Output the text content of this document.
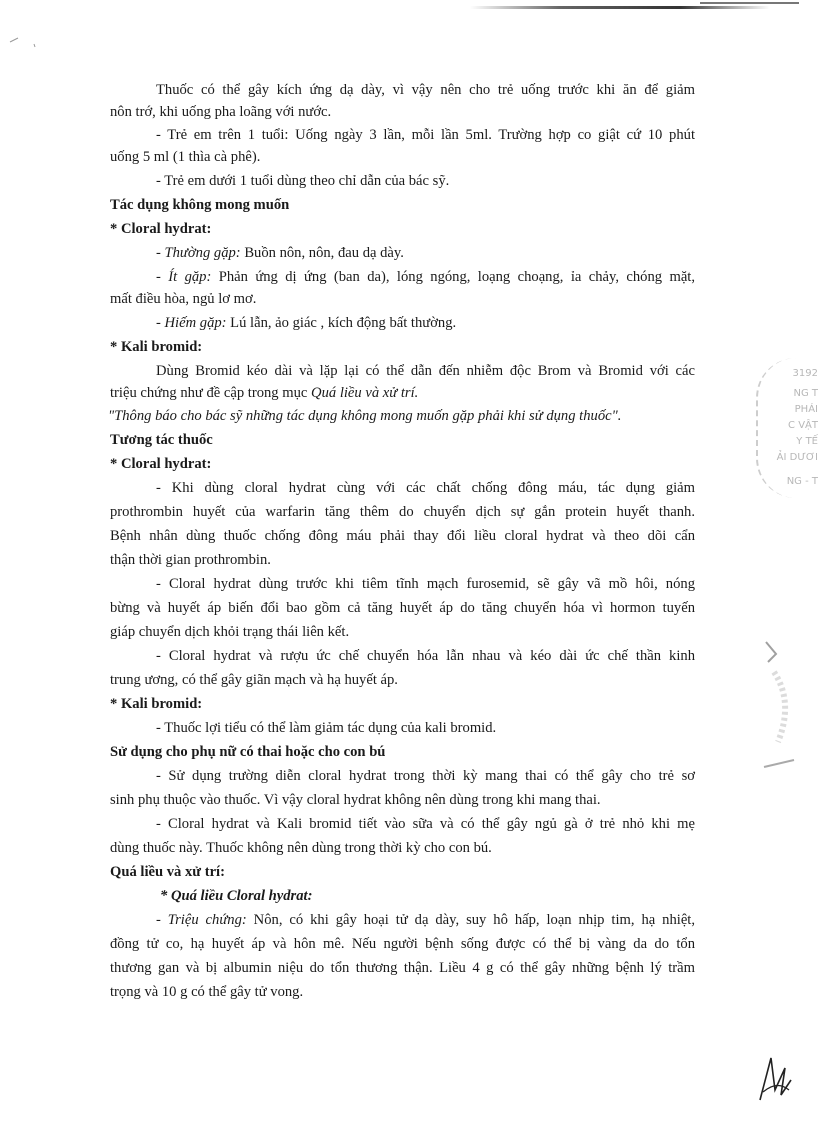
Thuốc có thể gây kích ứng dạ dày, vì vậy nên cho trẻ uống trước khi ăn để giảm
nôn trớ, khi uống pha loãng với nước.
- Trẻ em trên 1 tuổi: Uống ngày 3 lần, mỗi lần 5ml. Trường hợp co giật cứ 10 phút
uống 5 ml (1 thìa cà phê).
- Trẻ em dưới 1 tuổi dùng theo chỉ dẫn của bác sỹ.
Tác dụng không mong muốn
* Cloral hydrat:
- Thường gặp: Buồn nôn, nôn, đau dạ dày.
- Ít gặp: Phản ứng dị ứng (ban da), lóng ngóng, loạng choạng, ỉa chảy, chóng mặt,
mất điều hòa, ngủ lơ mơ.
- Hiếm gặp: Lú lẫn, ảo giác , kích động bất thường.
* Kali bromid:
Dùng Bromid kéo dài và lặp lại có thể dẫn đến nhiễm độc Brom và Bromid với các
triệu chứng như đề cập trong mục Quá liều và xử trí.
"Thông báo cho bác sỹ những tác dụng không mong muốn gặp phải khi sử dụng thuốc".
Tương tác thuốc
* Cloral hydrat:
- Khi dùng cloral hydrat cùng với các chất chống đông máu, tác dụng giảm
prothrombin huyết của warfarin tăng thêm do chuyển dịch sự gắn protein huyết thanh.
Bệnh nhân dùng thuốc chống đông máu phải thay đổi liều cloral hydrat và theo dõi cẩn
thận thời gian prothrombin.
- Cloral hydrat dùng trước khi tiêm tĩnh mạch furosemid, sẽ gây vã mồ hôi, nóng
bừng và huyết áp biến đổi bao gồm cả tăng huyết áp do tăng chuyển hóa vì hormon tuyến
giáp chuyển dịch khỏi trạng thái liên kết.
- Cloral hydrat và rượu ức chế chuyển hóa lẫn nhau và kéo dài ức chế thần kinh
trung ương, có thể gây giãn mạch và hạ huyết áp.
* Kali bromid:
- Thuốc lợi tiểu có thể làm giảm tác dụng của kali bromid.
Sử dụng cho phụ nữ có thai hoặc cho con bú
- Sử dụng trường diễn cloral hydrat trong thời kỳ mang thai có thể gây cho trẻ sơ
sinh phụ thuộc vào thuốc. Vì vậy cloral hydrat không nên dùng trong khi mang thai.
- Cloral hydrat và Kali bromid tiết vào sữa và có thể gây ngủ gà ở trẻ nhỏ khi mẹ
dùng thuốc này. Thuốc không nên dùng trong thời kỳ cho con bú.
Quá liều và xử trí:
* Quá liều Cloral hydrat:
- Triệu chứng: Nôn, có khi gây hoại tử dạ dày, suy hô hấp, loạn nhịp tim, hạ nhiệt,
đồng tử co, hạ huyết áp và hôn mê. Nếu người bệnh sống được có thể bị vàng da do tổn
thương gan và bị albumin niệu do tổn thương thận. Liều 4 g có thể gây những bệnh lý trầm
trọng và 10 g có thể gây tử vong.
3192
NG T
PHÁI
C VẬT
Y TẾ
ẢI DƯƠI
NG - T
